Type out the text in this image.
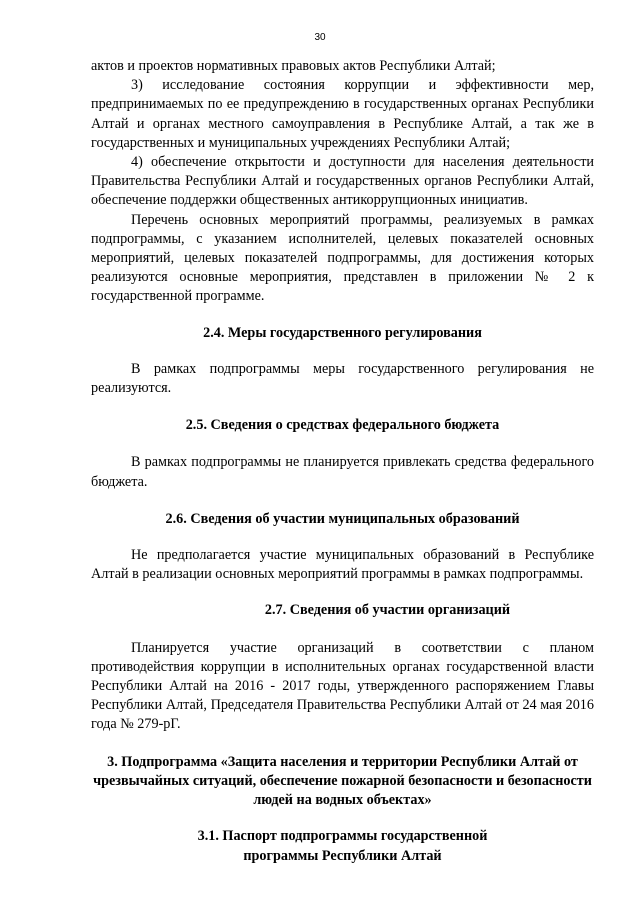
30

актов и проектов нормативных правовых актов Республики Алтай;

3) исследование состояния коррупции и эффективности мер, предпринимаемых по ее предупреждению в государственных органах Республики Алтай и органах местного самоуправления в Республике Алтай, а так же в государственных и муниципальных учреждениях Республики Алтай;

4) обеспечение открытости и доступности для населения деятельности Правительства Республики Алтай и государственных органов Республики Алтай, обеспечение поддержки общественных антикоррупционных инициатив.

Перечень основных мероприятий программы, реализуемых в рамках подпрограммы, с указанием исполнителей, целевых показателей основных мероприятий, целевых показателей подпрограммы, для достижения которых реализуются основные мероприятия, представлен в приложении № 2 к государственной программе.

2.4. Меры государственного регулирования

В рамках подпрограммы меры государственного регулирования не реализуются.

2.5. Сведения о средствах федерального бюджета

В рамках подпрограммы не планируется привлекать средства федерального бюджета.

2.6. Сведения об участии муниципальных образований

Не предполагается участие муниципальных образований в Республике Алтай в реализации основных мероприятий программы в рамках подпрограммы.

2.7. Сведения об участии организаций

Планируется участие организаций в соответствии с планом противодействия коррупции в исполнительных органах государственной власти Республики Алтай на 2016 - 2017 годы, утвержденного распоряжением Главы Республики Алтай, Председателя Правительства Республики Алтай от 24 мая 2016 года № 279-рГ.

3. Подпрограмма «Защита населения и территории Республики Алтай от чрезвычайных ситуаций, обеспечение пожарной безопасности и безопасности людей на водных объектах»
3.1. Паспорт подпрограммы государственной
программы Республики Алтай
